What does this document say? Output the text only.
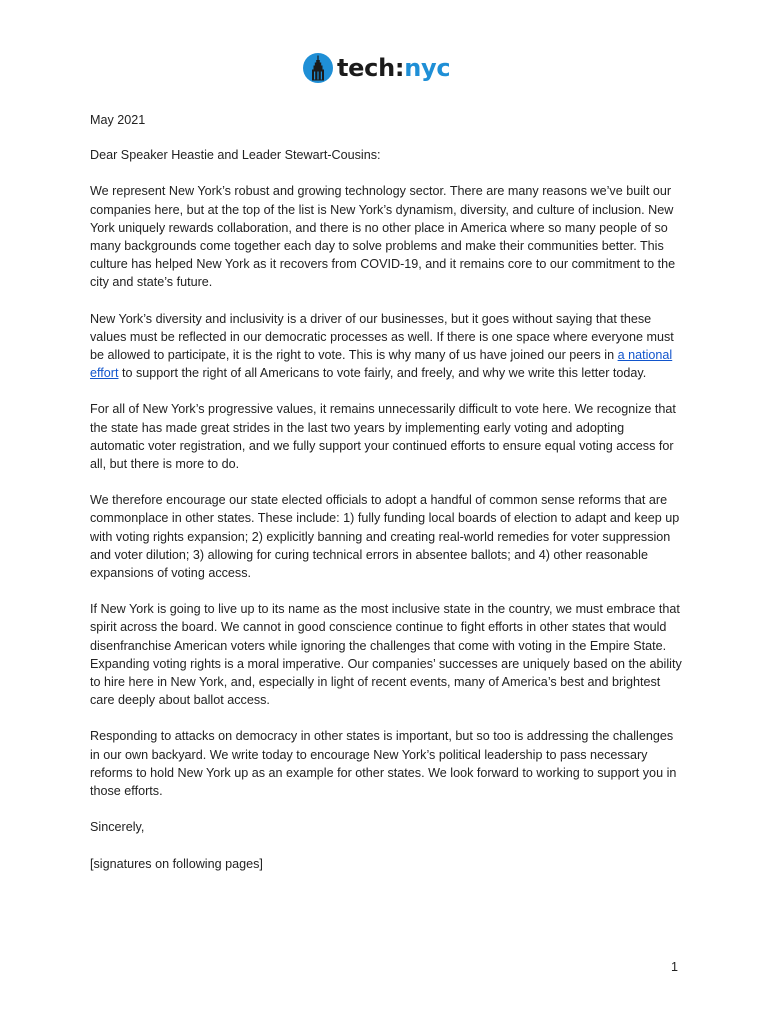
tech:nyc

May 2021

Dear Speaker Heastie and Leader Stewart-Cousins:

We represent New York’s robust and growing technology sector. There are many reasons we’ve built our companies here, but at the top of the list is New York’s dynamism, diversity, and culture of inclusion. New York uniquely rewards collaboration, and there is no other place in America where so many people of so many backgrounds come together each day to solve problems and make their communities better. This culture has helped New York as it recovers from COVID-19, and it remains core to our commitment to the city and state’s future.

New York’s diversity and inclusivity is a driver of our businesses, but it goes without saying that these values must be reflected in our democratic processes as well. If there is one space where everyone must be allowed to participate, it is the right to vote. This is why many of us have joined our peers in a national effort to support the right of all Americans to vote fairly, and freely, and why we write this letter today.

For all of New York’s progressive values, it remains unnecessarily difficult to vote here. We recognize that the state has made great strides in the last two years by implementing early voting and adopting automatic voter registration, and we fully support your continued efforts to ensure equal voting access for all, but there is more to do.

We therefore encourage our state elected officials to adopt a handful of common sense reforms that are commonplace in other states. These include: 1) fully funding local boards of election to adapt and keep up with voting rights expansion; 2) explicitly banning and creating real-world remedies for voter suppression and voter dilution; 3) allowing for curing technical errors in absentee ballots; and 4) other reasonable expansions of voting access.

If New York is going to live up to its name as the most inclusive state in the country, we must embrace that spirit across the board. We cannot in good conscience continue to fight efforts in other states that would disenfranchise American voters while ignoring the challenges that come with voting in the Empire State. Expanding voting rights is a moral imperative. Our companies’ successes are uniquely based on the ability to hire here in New York, and, especially in light of recent events, many of America’s best and brightest care deeply about ballot access.

Responding to attacks on democracy in other states is important, but so too is addressing the challenges in our own backyard. We write today to encourage New York’s political leadership to pass necessary reforms to hold New York up as an example for other states. We look forward to working to support you in those efforts.

Sincerely,

[signatures on following pages]

1
